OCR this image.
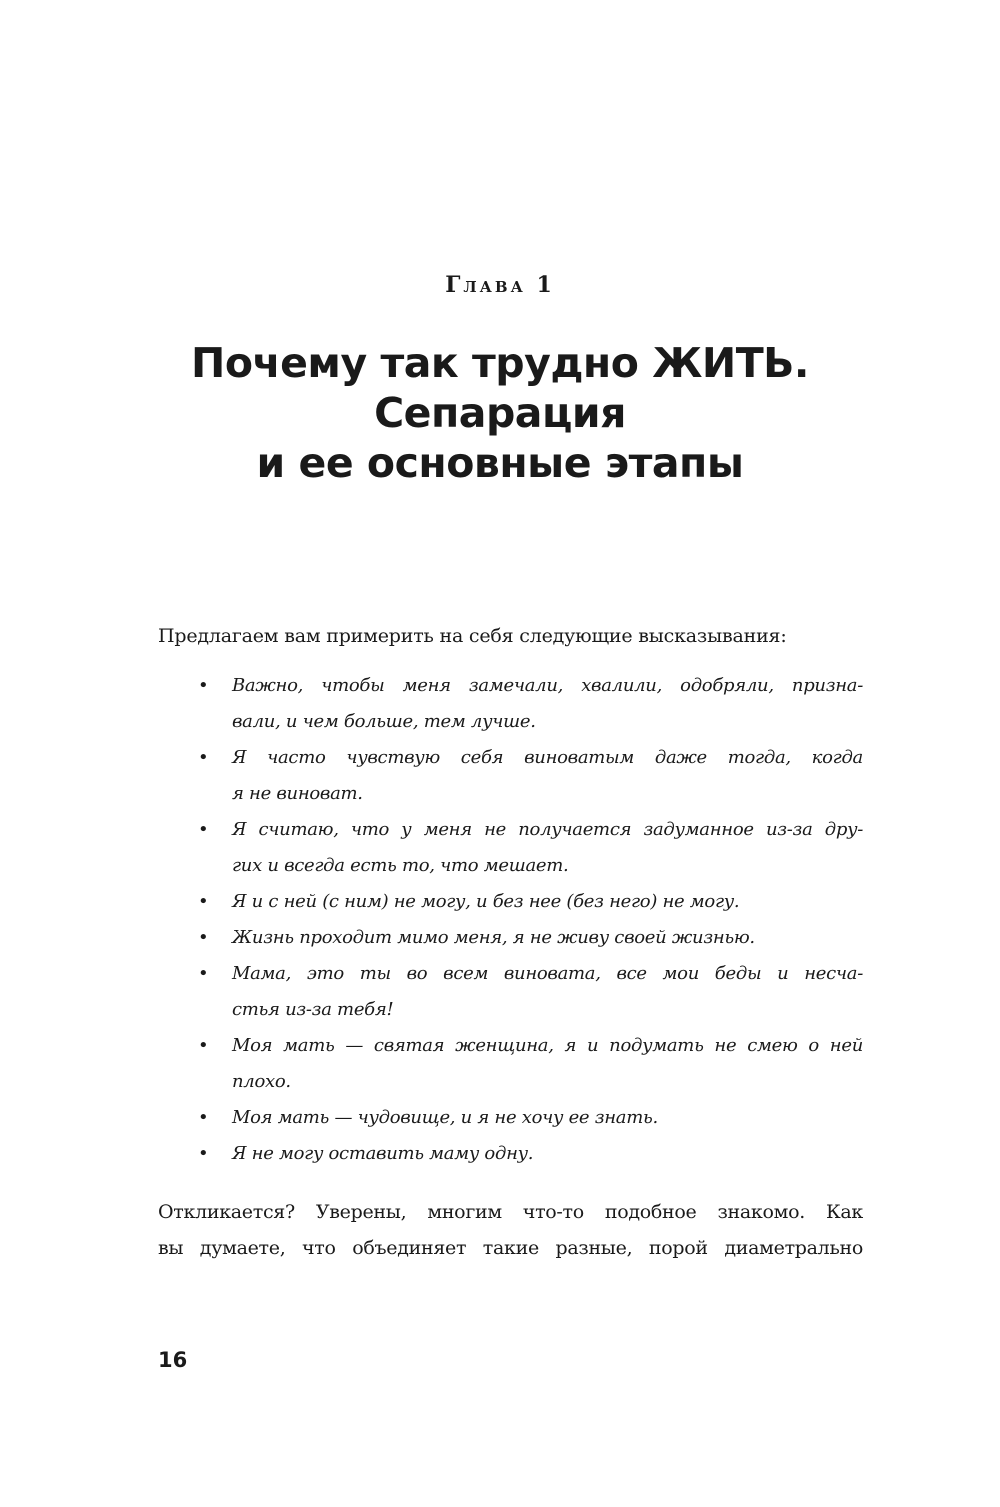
Глава 1
Почему так трудно ЖИТЬ.
Сепарация
и ее основные этапы
Предлагаем вам примерить на себя следующие высказывания:
• Важно, чтобы меня замечали, хвалили, одобряли, призна-
вали, и чем больше, тем лучше.
• Я часто чувствую себя виноватым даже тогда, когда
я не виноват.
• Я считаю, что у меня не получается задуманное из-за дру-
гих и всегда есть то, что мешает.
• Я и с ней (с ним) не могу, и без нее (без него) не могу.
• Жизнь проходит мимо меня, я не живу своей жизнью.
• Мама, это ты во всем виновата, все мои беды и несча-
стья из-за тебя!
• Моя мать — святая женщина, я и подумать не смею о ней
плохо.
• Моя мать — чудовище, и я не хочу ее знать.
• Я не могу оставить маму одну.
Откликается? Уверены, многим что-то подобное знакомо. Как
вы думаете, что объединяет такие разные, порой диаметрально
16
